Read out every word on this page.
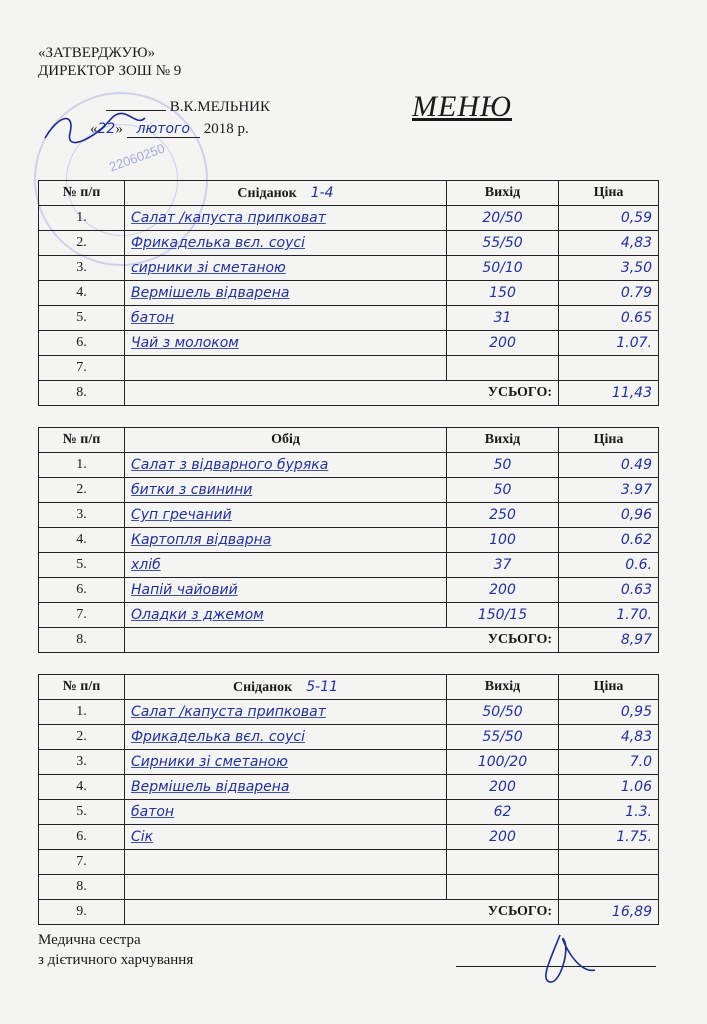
«ЗАТВЕРДЖУЮ»
ДИРЕКТОР ЗОШ № 9
В.К.МЕЛЬНИК
«22» лютого 2018 р.
22060250
МЕНЮ
№ п/п	Сніданок 1-4	Вихід	Ціна
1.	Салат /капуста припковат	20/50	0,59
2.	Фрикаделька вєл. соусі	55/50	4,83
3.	сирники зі сметаною	50/10	3,50
4.	Вермішель відварена	150	0.79
5.	батон	31	0.65
6.	Чай з молоком	200	1.07.
7.			
8.	УСЬОГО:		11,43
№ п/п	Обід	Вихід	Ціна
1.	Салат з відварного буряка	50	0.49
2.	битки з свинини	50	3.97
3.	Суп гречаний	250	0,96
4.	Картопля відварна	100	0.62
5.	хліб	37	0.6.
6.	Напій чайовий	200	0.63
7.	Оладки з джемом	150/15	1.70.
8.	УСЬОГО:		8,97
№ п/п	Сніданок 5-11	Вихід	Ціна
1.	Салат /капуста припковат	50/50	0,95
2.	Фрикаделька вєл. соусі	55/50	4,83
3.	Сирники зі сметаною	100/20	7.0
4.	Вермішель відварена	200	1.06
5.	батон	62	1.3.
6.	Сік	200	1.75.
7.			
8.			
9.	УСЬОГО:		16,89
Медична сестра
з дієтичного харчування
